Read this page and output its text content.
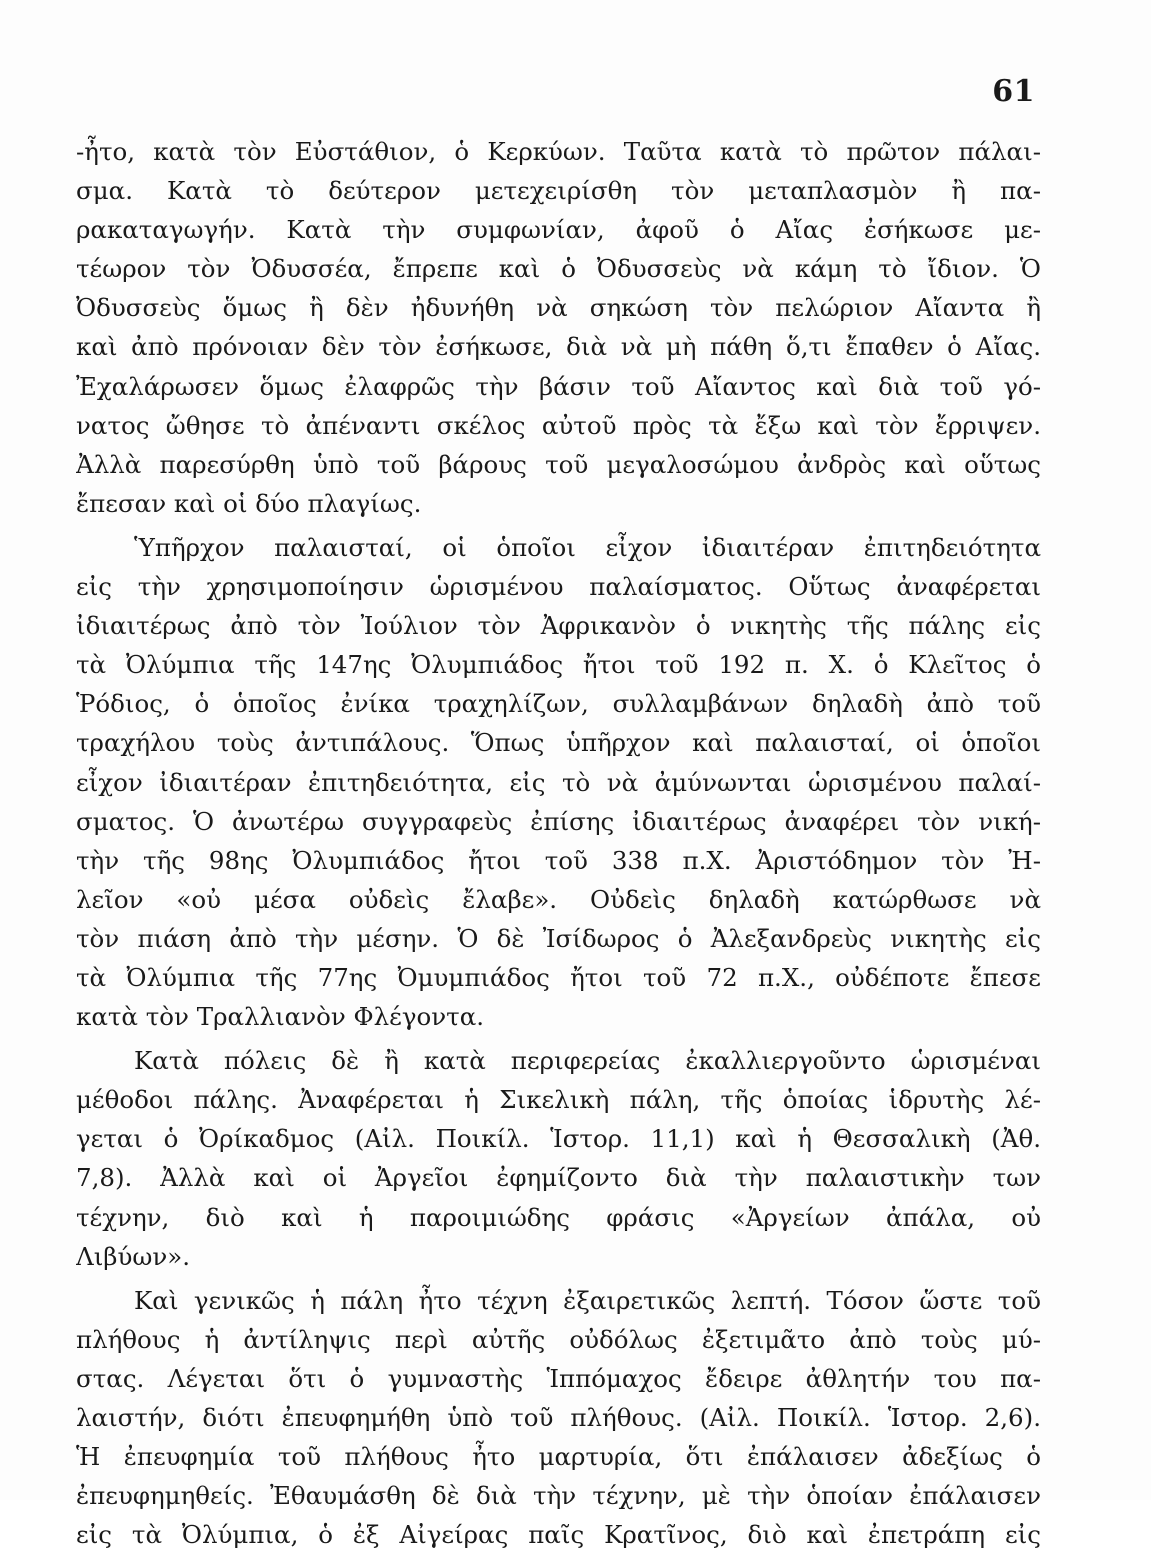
61
-ἦτο, κατὰ τὸν Εὐστάθιον, ὁ Κερκύων. Ταῦτα κατὰ τὸ πρῶτον πάλαι-
σμα. Κατὰ τὸ δεύτερον μετεχειρίσθη τὸν μεταπλασμὸν ἢ πα-
ρακαταγωγήν. Κατὰ τὴν συμφωνίαν, ἀφοῦ ὁ Αἴας ἐσήκωσε με-
τέωρον τὸν Ὀδυσσέα, ἔπρεπε καὶ ὁ Ὀδυσσεὺς νὰ κάμη τὸ ἴδιον. Ὁ
Ὀδυσσεὺς ὅμως ἢ δὲν ἠδυνήθη νὰ σηκώση τὸν πελώριον Αἴαντα ἢ
καὶ ἀπὸ πρόνοιαν δὲν τὸν ἐσήκωσε, διὰ νὰ μὴ πάθη ὅ,τι ἔπαθεν ὁ Αἴας.
Ἐχαλάρωσεν ὅμως ἐλαφρῶς τὴν βάσιν τοῦ Αἴαντος καὶ διὰ τοῦ γό-
νατος ὤθησε τὸ ἀπέναντι σκέλος αὐτοῦ πρὸς τὰ ἔξω καὶ τὸν ἔρριψεν.
Ἀλλὰ παρεσύρθη ὑπὸ τοῦ βάρους τοῦ μεγαλοσώμου ἀνδρὸς καὶ οὕτως
ἔπεσαν καὶ οἱ δύο πλαγίως.
Ὑπῆρχον παλαισταί, οἱ ὁποῖοι εἶχον ἰδιαιτέραν ἐπιτηδειότητα
εἰς τὴν χρησιμοποίησιν ὡρισμένου παλαίσματος. Οὕτως ἀναφέρεται
ἰδιαιτέρως ἀπὸ τὸν Ἰούλιον τὸν Ἀφρικανὸν ὁ νικητὴς τῆς πάλης εἰς
τὰ Ὀλύμπια τῆς 147ης Ὀλυμπιάδος ἤτοι τοῦ 192 π. Χ. ὁ Κλεῖτος ὁ
Ῥόδιος, ὁ ὁποῖος ἐνίκα τραχηλίζων, συλλαμβάνων δηλαδὴ ἀπὸ τοῦ
τραχήλου τοὺς ἀντιπάλους. Ὅπως ὑπῆρχον καὶ παλαισταί, οἱ ὁποῖοι
εἶχον ἰδιαιτέραν ἐπιτηδειότητα, εἰς τὸ νὰ ἀμύνωνται ὡρισμένου παλαί-
σματος. Ὁ ἀνωτέρω συγγραφεὺς ἐπίσης ἰδιαιτέρως ἀναφέρει τὸν νική-
τὴν τῆς 98ης Ὀλυμπιάδος ἤτοι τοῦ 338 π.Χ. Ἀριστόδημον τὸν Ἠ-
λεῖον «οὐ μέσα οὐδεὶς ἔλαβε». Οὐδεὶς δηλαδὴ κατώρθωσε νὰ
τὸν πιάση ἀπὸ τὴν μέσην. Ὁ δὲ Ἰσίδωρος ὁ Ἀλεξανδρεὺς νικητὴς εἰς
τὰ Ὀλύμπια τῆς 77ης Ὀμυμπιάδος ἤτοι τοῦ 72 π.Χ., οὐδέποτε ἔπεσε
κατὰ τὸν Τραλλιανὸν Φλέγοντα.
Κατὰ πόλεις δὲ ἢ κατὰ περιφερείας ἐκαλλιεργοῦντο ὡρισμέναι
μέθοδοι πάλης. Ἀναφέρεται ἡ Σικελικὴ πάλη, τῆς ὁποίας ἱδρυτὴς λέ-
γεται ὁ Ὀρίκαδμος (Αἰλ. Ποικίλ. Ἱστορ. 11,1) καὶ ἡ Θεσσαλικὴ (Ἀθ.
7,8). Ἀλλὰ καὶ οἱ Ἀργεῖοι ἐφημίζοντο διὰ τὴν παλαιστικὴν των
τέχνην, διὸ καὶ ἡ παροιμιώδης φράσις «Ἀργείων ἀπάλα, οὐ
Λιβύων».
Καὶ γενικῶς ἡ πάλη ἦτο τέχνη ἐξαιρετικῶς λεπτή. Τόσον ὥστε τοῦ
πλήθους ἡ ἀντίληψις περὶ αὐτῆς οὐδόλως ἐξετιμᾶτο ἀπὸ τοὺς μύ-
στας. Λέγεται ὅτι ὁ γυμναστὴς Ἱππόμαχος ἔδειρε ἀθλητήν του πα-
λαιστήν, διότι ἐπευφημήθη ὑπὸ τοῦ πλήθους. (Αἰλ. Ποικίλ. Ἱστορ. 2,6).
Ἡ ἐπευφημία τοῦ πλήθους ἦτο μαρτυρία, ὅτι ἐπάλαισεν ἀδεξίως ὁ
ἐπευφημηθείς. Ἐθαυμάσθη δὲ διὰ τὴν τέχνην, μὲ τὴν ὁποίαν ἐπάλαισεν
εἰς τὰ Ὀλύμπια, ὁ ἐξ Αἰγείρας παῖς Κρατῖνος, διὸ καὶ ἐπετράπη εἰς
